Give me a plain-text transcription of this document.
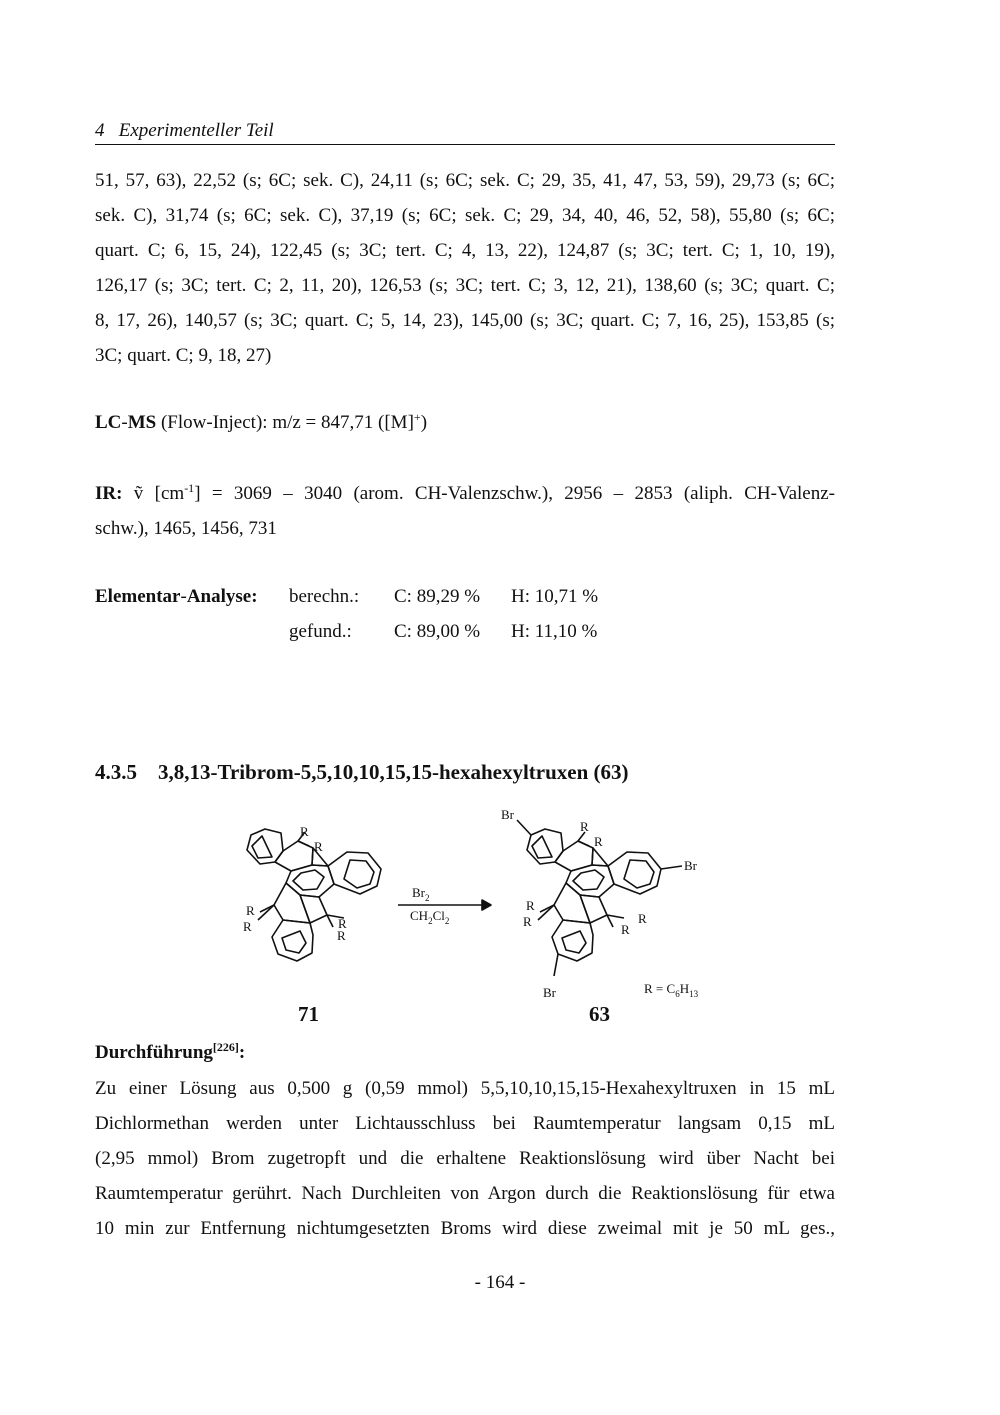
4   Experimenteller Teil
51, 57, 63), 22,52 (s; 6C; sek. C), 24,11 (s; 6C; sek. C; 29, 35, 41, 47, 53, 59), 29,73 (s; 6C;
sek. C), 31,74 (s; 6C; sek. C), 37,19 (s; 6C; sek. C; 29, 34, 40, 46, 52, 58), 55,80 (s; 6C;
quart. C; 6, 15, 24), 122,45 (s; 3C; tert. C; 4, 13, 22), 124,87 (s; 3C; tert. C; 1, 10, 19),
126,17 (s; 3C; tert. C; 2, 11, 20), 126,53 (s; 3C; tert. C; 3, 12, 21), 138,60 (s; 3C; quart. C;
8, 17, 26), 140,57 (s; 3C; quart. C; 5, 14, 23), 145,00 (s; 3C; quart. C; 7, 16, 25), 153,85 (s;
3C; quart. C; 9, 18, 27)
LC-MS (Flow-Inject): m/z = 847,71 ([M]+)
IR: ṽ $[cm^{-1}] = 3069 - 3040$ (arom. CH-Valenzschw.), 2956 – 2853 (aliph. CH-Valenz-
schw.), 1465, 1456, 731
Elementar-Analyse: berechn.: C: 89,29 % H: 10,71 %
gefund.: C: 89,00 % H: 11,10 %
4.3.5 3,8,13-Tribrom-5,5,10,10,15,15-hexahexyltruxen (63)
R
R
R
R	R
R
$Br_2$
$CH_2Cl_2$
R
R
R
R	R
R
Br
Br
Br	$R = C_6H_{13}$
71	63
Durchführung[226]:
Zu einer Lösung aus 0,500 g (0,59 mmol) 5,5,10,10,15,15-Hexahexyltruxen in 15 mL
Dichlormethan werden unter Lichtausschluss bei Raumtemperatur langsam 0,15 mL
(2,95 mmol) Brom zugetropft und die erhaltene Reaktionslösung wird über Nacht bei
Raumtemperatur gerührt. Nach Durchleiten von Argon durch die Reaktionslösung für etwa
10 min zur Entfernung nichtumgesetzten Broms wird diese zweimal mit je 50 mL ges.,
- 164 -
